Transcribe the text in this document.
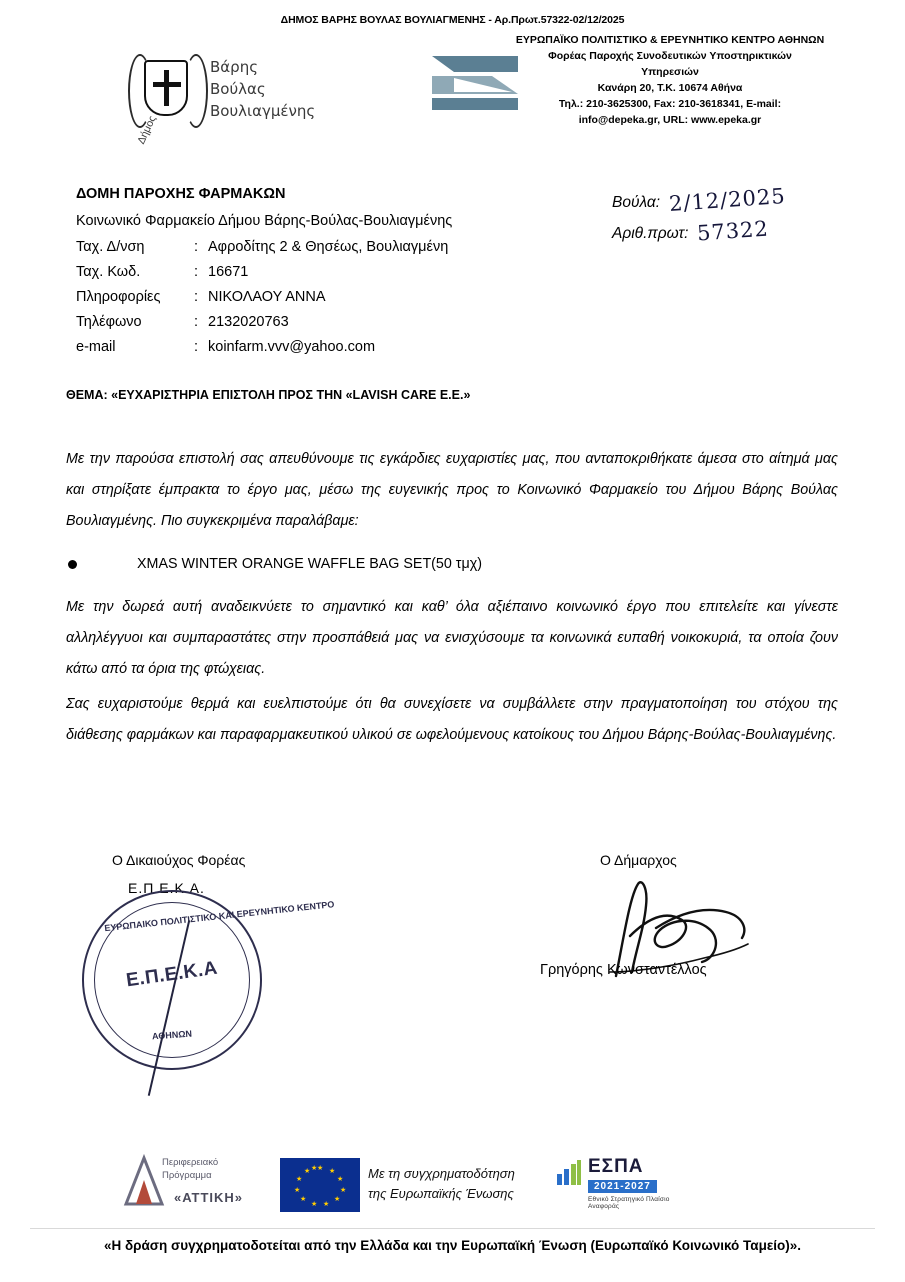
ΔΗΜΟΣ ΒΑΡΗΣ ΒΟΥΛΑΣ ΒΟΥΛΙΑΓΜΕΝΗΣ - Αρ.Πρωτ.57322-02/12/2025
Βάρης
Βούλας
Βουλιαγμένης
Δήμος
ΕΥΡΩΠΑΪΚΟ ΠΟΛΙΤΙΣΤΙΚΟ & ΕΡΕΥΝΗΤΙΚΟ ΚΕΝΤΡΟ ΑΘΗΝΩΝ
Φορέας Παροχής Συνοδευτικών Υποστηρικτικών
Υπηρεσιών
Κανάρη 20, Τ.Κ. 10674 Αθήνα
Τηλ.: 210-3625300, Fax: 210-3618341, E-mail:
info@depeka.gr, URL: www.epeka.gr
ΔΟΜΗ ΠΑΡΟΧΗΣ ΦΑΡΜΑΚΩΝ
Κοινωνικό Φαρμακείο Δήμου Βάρης-Βούλας-Βουλιαγμένης
Ταχ. Δ/νση	:	Αφροδίτης 2 & Θησέως, Βουλιαγμένη
Ταχ. Κωδ.	:	16671
Πληροφορίες	:	ΝΙΚΟΛΑΟΥ ΑΝΝΑ
Τηλέφωνο	:	2132020763
e-mail	:	koinfarm.vvv@yahoo.com
Βούλα: 2/12/2025
Αριθ.πρωτ: 57322
ΘΕΜΑ: «ΕΥΧΑΡΙΣΤΗΡΙΑ ΕΠΙΣΤΟΛΗ ΠΡΟΣ ΤΗΝ «LAVISH CARE Ε.Ε.»

Με την παρούσα επιστολή σας απευθύνουμε τις εγκάρδιες ευχαριστίες μας, που ανταποκριθήκατε άμεσα στο αίτημά μας και στηρίξατε έμπρακτα το έργο μας, μέσω της ευγενικής προς το Κοινωνικό Φαρμακείο του Δήμου Βάρης Βούλας Βουλιαγμένης. Πιο συγκεκριμένα παραλάβαμε:

XMAS WINTER ORANGE WAFFLE BAG SET(50 τμχ)

Με την δωρεά αυτή αναδεικνύετε το σημαντικό και καθ’ όλα αξιέπαινο κοινωνικό έργο που επιτελείτε και γίνεστε αλληλέγγυοι και συμπαραστάτες στην προσπάθειά μας να ενισχύσουμε τα κοινωνικά ευπαθή νοικοκυριά, τα οποία ζουν κάτω από τα όρια της φτώχειας.

Σας ευχαριστούμε θερμά και ευελπιστούμε ότι θα συνεχίσετε να συμβάλλετε στην πραγματοποίηση του στόχου της διάθεσης φαρμάκων και παραφαρμακευτικού υλικού σε ωφελούμενους κατοίκους του Δήμου Βάρης-Βούλας-Βουλιαγμένης.

Ο Δικαιούχος Φορέας
Ε.Π.Ε.Κ.Α.
ΕΥΡΩΠΑΙΚΟ ΠΟΛΙΤΙΣΤΙΚΟ ΚΑΙ ΕΡΕΥΝΗΤΙΚΟ ΚΕΝΤΡΟ
Ε.Π.Ε.Κ.Α
ΑΘΗΝΩΝ
Ο Δήμαρχος
Γρηγόρης Κωνσταντέλλος
Περιφερειακό
Πρόγραμμα
«ΑΤΤΙΚΗ»
★ ★
★
★
★
★
★
★
★
★
★ ★	Με τη συγχρηματοδότηση
της Ευρωπαϊκής Ένωσης
ΕΣΠΑ
2021-2027
Εθνικό Στρατηγικό Πλαίσιο Αναφοράς
«Η δράση συγχρηματοδοτείται από την Ελλάδα και την Ευρωπαϊκή Ένωση (Ευρωπαϊκό Κοινωνικό Ταμείο)».
